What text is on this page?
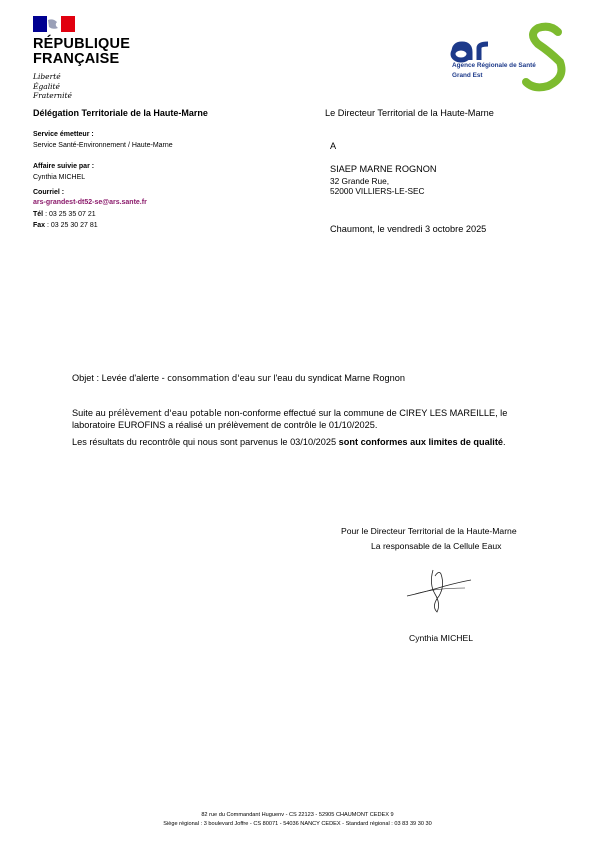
RÉPUBLIQUE
FRANÇAISE
Liberté
Égalité
Fraternité
Agence Régionale de Santé
Grand Est
Délégation Territoriale de la Haute-Marne
Service émetteur :
Service Santé-Environnement / Haute-Marne
Affaire suivie par :
Cynthia MICHEL
Courriel :
ars-grandest-dt52-se@ars.sante.fr
Tél : 03 25 35 07 21
Fax : 03 25 30 27 81
Le Directeur Territorial de la Haute-Marne
A
SIAEP MARNE ROGNON
32 Grande Rue,
52000 VILLIERS-LE-SEC
Chaumont, le vendredi 3 octobre 2025
Objet : Levée d'alerte - consommation d'eau sur l'eau du syndicat Marne Rognon
Suite au prélèvement d'eau potable non-conforme effectué sur la commune de CIREY LES MAREILLE, le laboratoire EUROFINS a réalisé un prélèvement de contrôle le 01/10/2025.
Les résultats du recontrôle qui nous sont parvenus le 03/10/2025 sont conformes aux limites de qualité.
Pour le Directeur Territorial de la Haute-Marne
La responsable de la Cellule Eaux
Cynthia MICHEL
82 rue du Commandant Huguenv - CS 22123 - 52905 CHAUMONT CEDEX 9
Siège régional : 3 boulevard Joffre - CS 80071 - 54036 NANCY CEDEX - Standard régional : 03 83 39 30 30
